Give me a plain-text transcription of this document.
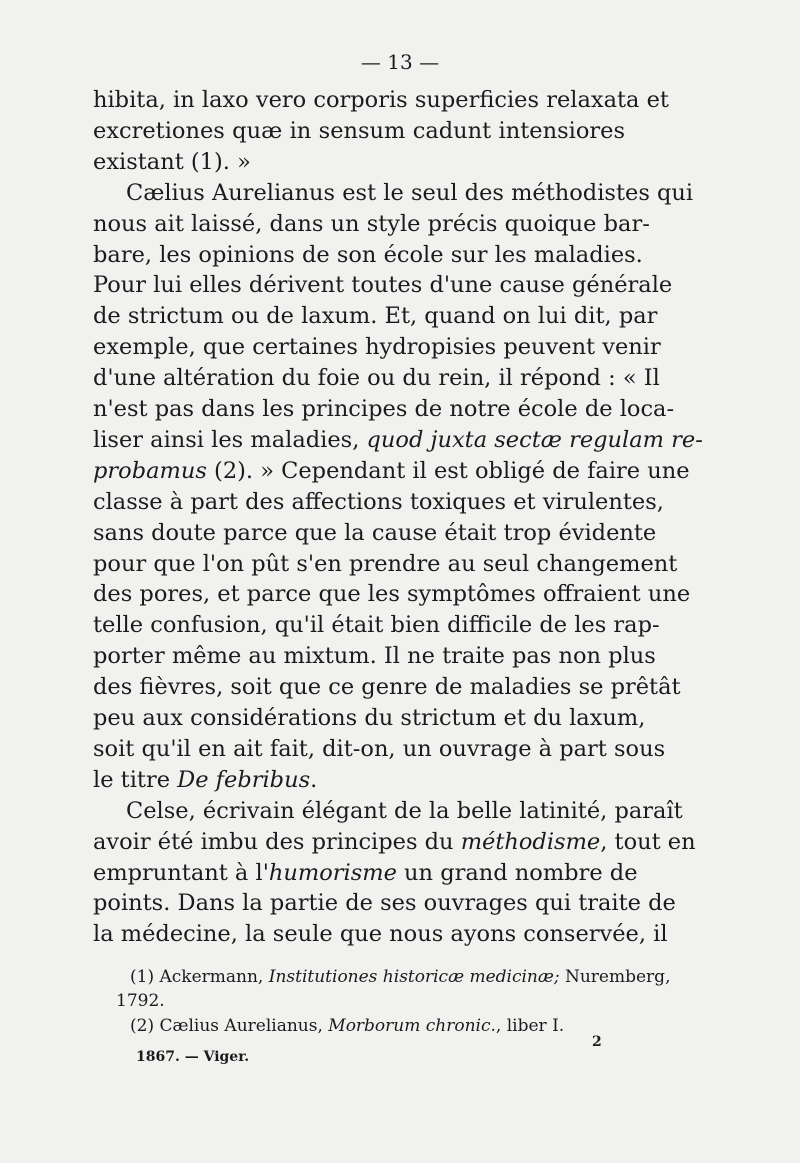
— 13 —
hibita, in laxo vero corporis superficies relaxata et
excretiones quæ in sensum cadunt intensiores
existant (1). »
Cælius Aurelianus est le seul des méthodistes qui
nous ait laissé, dans un style précis quoique bar-
bare, les opinions de son école sur les maladies.
Pour lui elles dérivent toutes d'une cause générale
de strictum ou de laxum. Et, quand on lui dit, par
exemple, que certaines hydropisies peuvent venir
d'une altération du foie ou du rein, il répond : « Il
n'est pas dans les principes de notre école de loca-
liser ainsi les maladies, quod juxta sectæ regulam re-
probamus (2). » Cependant il est obligé de faire une
classe à part des affections toxiques et virulentes,
sans doute parce que la cause était trop évidente
pour que l'on pût s'en prendre au seul changement
des pores, et parce que les symptômes offraient une
telle confusion, qu'il était bien difficile de les rap-
porter même au mixtum. Il ne traite pas non plus
des fièvres, soit que ce genre de maladies se prêtât
peu aux considérations du strictum et du laxum,
soit qu'il en ait fait, dit-on, un ouvrage à part sous
le titre De febribus.
Celse, écrivain élégant de la belle latinité, paraît
avoir été imbu des principes du méthodisme, tout en
empruntant à l'humorisme un grand nombre de
points. Dans la partie de ses ouvrages qui traite de
la médecine, la seule que nous ayons conservée, il
(1) Ackermann, Institutiones historicæ medicinæ; Nuremberg,
1792.
(2) Cælius Aurelianus, Morborum chronic., liber I.
1867. — Viger.
2
